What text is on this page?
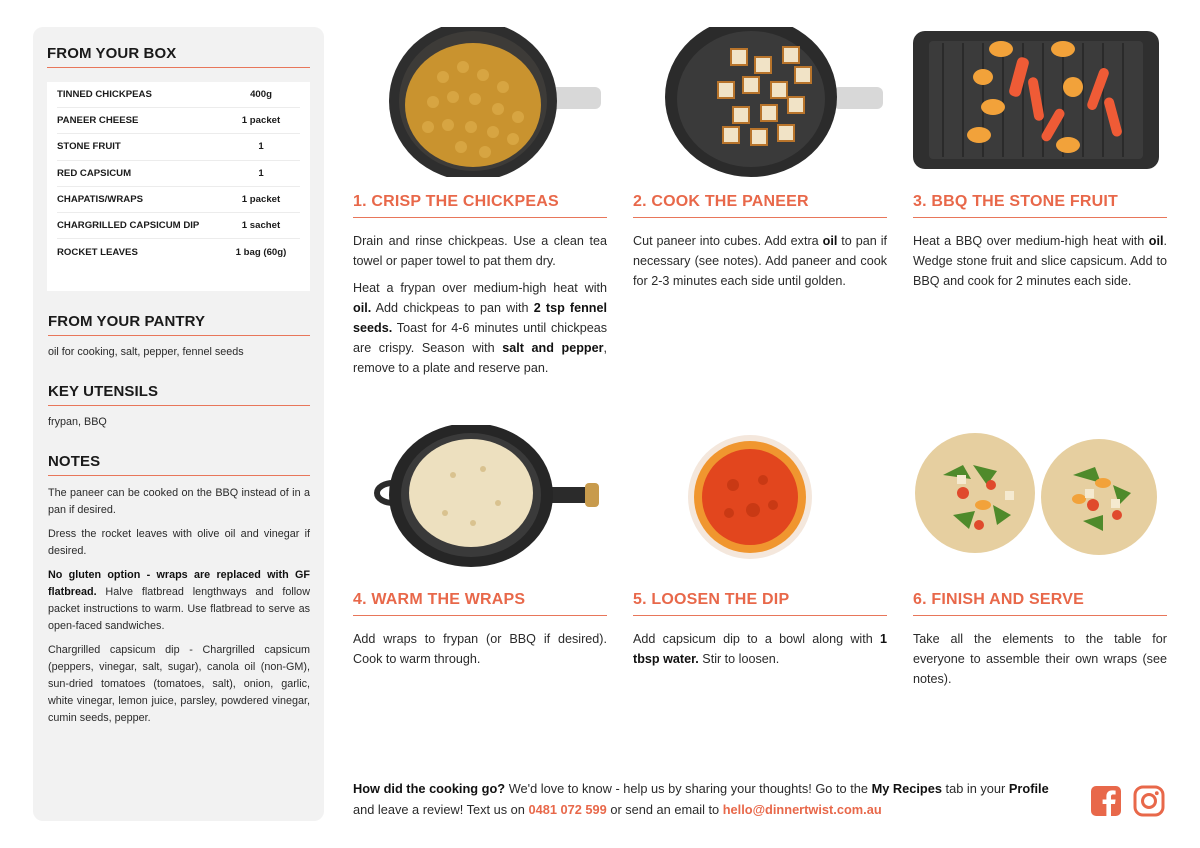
FROM YOUR BOX
TINNED CHICKPEAS	400g
PANEER CHEESE	1 packet
STONE FRUIT	1
RED CAPSICUM	1
CHAPATIS/WRAPS	1 packet
CHARGRILLED CAPSICUM DIP	1 sachet
ROCKET LEAVES	1 bag (60g)
FROM YOUR PANTRY
oil for cooking, salt, pepper, fennel seeds
KEY UTENSILS
frypan, BBQ
NOTES

The paneer can be cooked on the BBQ instead of in a pan if desired.

Dress the rocket leaves with olive oil and vinegar if desired.

No gluten option - wraps are replaced with GF flatbread. Halve flatbread lengthways and follow packet instructions to warm. Use flatbread to serve as open-faced sandwiches.

Chargrilled capsicum dip - Chargrilled capsicum (peppers, vinegar, salt, sugar), canola oil (non-GM), sun-dried tomatoes (tomatoes, salt), onion, garlic, white vinegar, lemon juice, parsley, powdered vinegar, cumin seeds, pepper.

1. CRISP THE CHICKPEAS

Drain and rinse chickpeas. Use a clean tea towel or paper towel to pat them dry.

Heat a frypan over medium-high heat with oil. Add chickpeas to pan with 2 tsp fennel seeds. Toast for 4-6 minutes until chickpeas are crispy. Season with salt and pepper, remove to a plate and reserve pan.

2. COOK THE PANEER

Cut paneer into cubes. Add extra oil to pan if necessary (see notes). Add paneer and cook for 2-3 minutes each side until golden.

3. BBQ THE STONE FRUIT

Heat a BBQ over medium-high heat with oil. Wedge stone fruit and slice capsicum. Add to BBQ and cook for 2 minutes each side.

4. WARM THE WRAPS

Add wraps to frypan (or BBQ if desired). Cook to warm through.

5. LOOSEN THE DIP

Add capsicum dip to a bowl along with 1 tbsp water. Stir to loosen.

6. FINISH AND SERVE

Take all the elements to the table for everyone to assemble their own wraps (see notes).

How did the cooking go? We'd love to know - help us by sharing your thoughts! Go to the My Recipes tab in your Profile and leave a review! Text us on 0481 072 599 or send an email to hello@dinnertwist.com.au
